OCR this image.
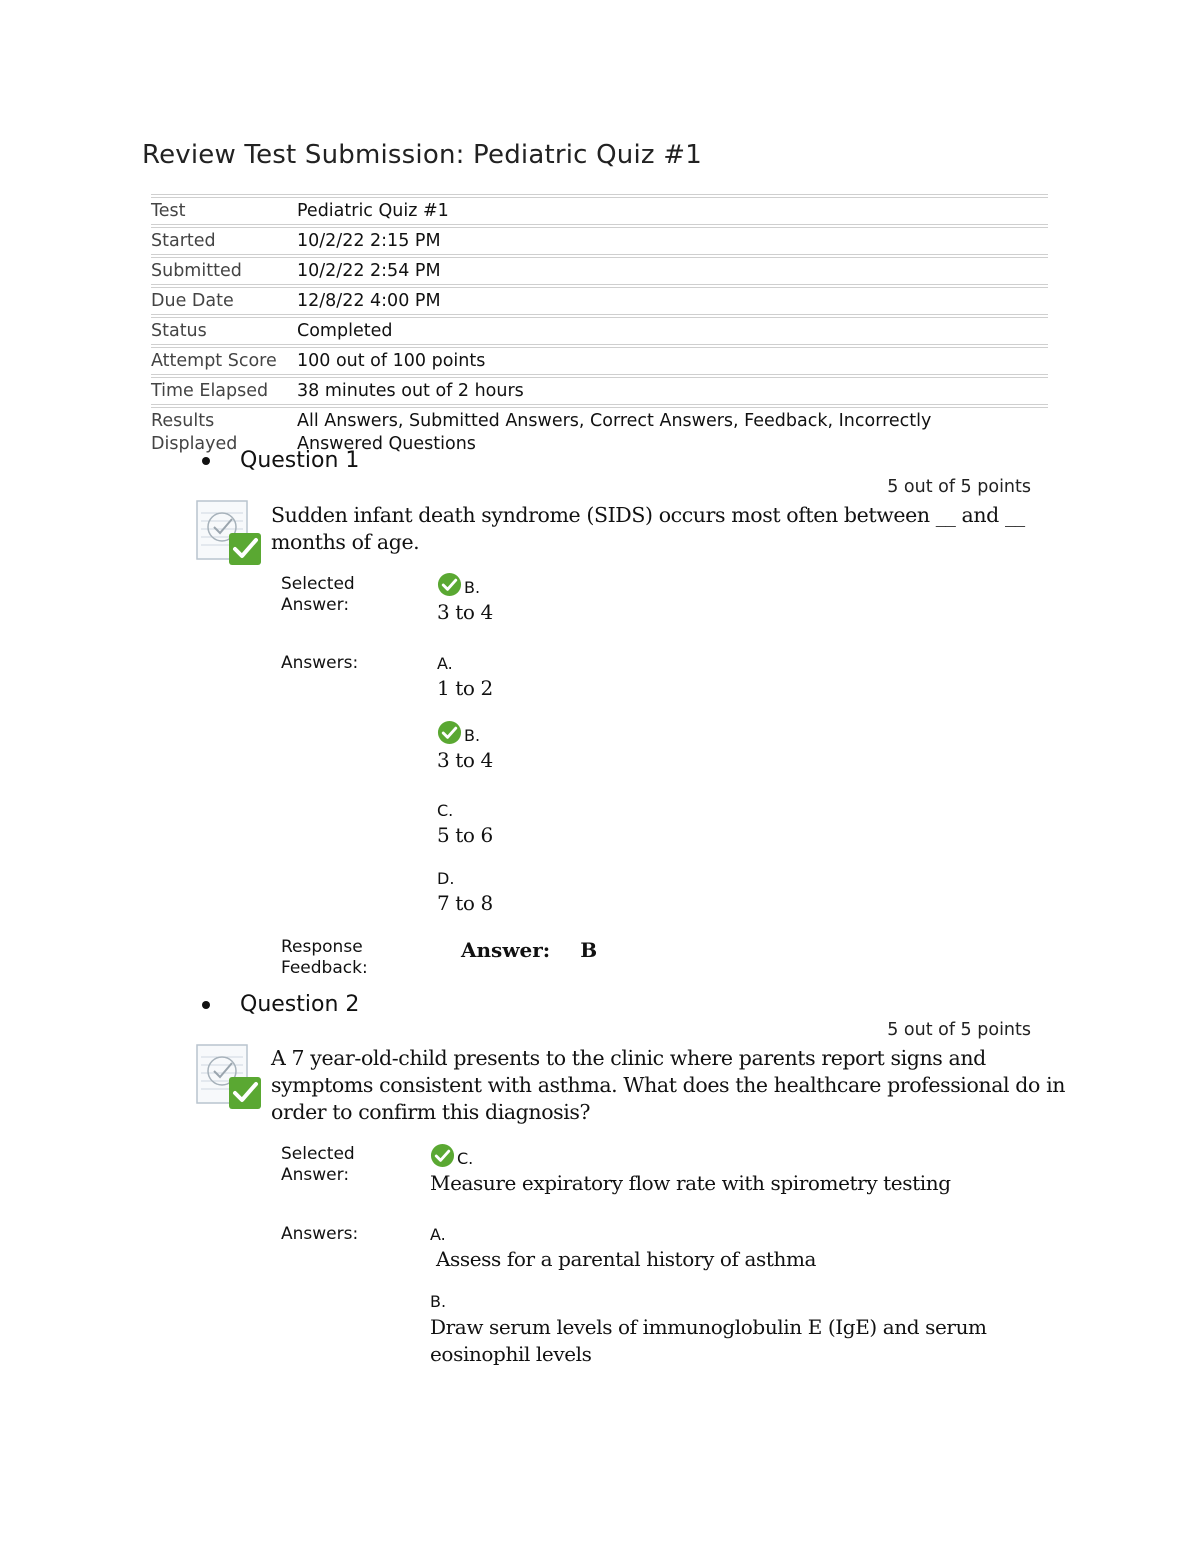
Review Test Submission: Pediatric Quiz #1
Test	Pediatric Quiz #1
Started	10/2/22 2:15 PM
Submitted	10/2/22 2:54 PM
Due Date	12/8/22 4:00 PM
Status	Completed
Attempt Score	100 out of 100 points
Time Elapsed	38 minutes out of 2 hours
Results Displayed	All Answers, Submitted Answers, Correct Answers, Feedback, Incorrectly Answered Questions
Question 1
5 out of 5 points
Sudden infant death syndrome (SIDS) occurs most often between __ and __ months of age.
Selected Answer:
B.
3 to 4
Answers:	A.
1 to 2
B.
3 to 4
C.
5 to 6
D.
7 to 8
Response Feedback:
Answer: B
Question 2
5 out of 5 points
A 7 year-old-child presents to the clinic where parents report signs and symptoms consistent with asthma. What does the healthcare professional do in order to confirm this diagnosis?
Selected Answer:
C.
Measure expiratory flow rate with spirometry testing
Answers:	A.
Assess for a parental history of asthma
B.
Draw serum levels of immunoglobulin E (IgE) and serum eosinophil levels
